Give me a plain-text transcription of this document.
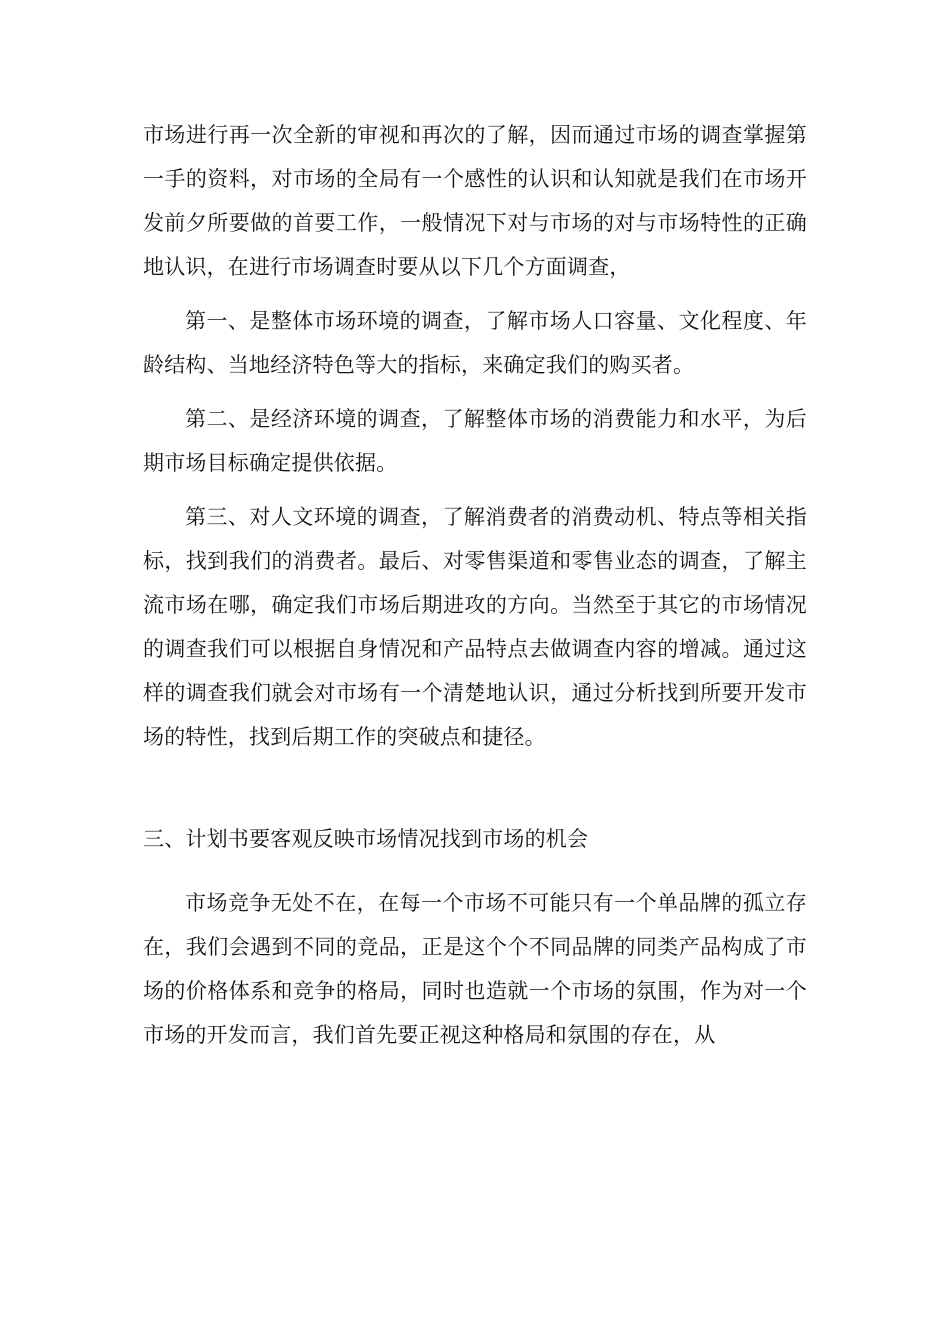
市场进行再一次全新的审视和再次的了解，因而通过市场的调查掌握第一手的资料，对市场的全局有一个感性的认识和认知就是我们在市场开发前夕所要做的首要工作，一般情况下对与市场的对与市场特性的正确地认识，在进行市场调查时要从以下几个方面调查，

第一、是整体市场环境的调查，了解市场人口容量、文化程度、年龄结构、当地经济特色等大的指标，来确定我们的购买者。

第二、是经济环境的调查，了解整体市场的消费能力和水平，为后期市场目标确定提供依据。

第三、对人文环境的调查，了解消费者的消费动机、特点等相关指标，找到我们的消费者。最后、对零售渠道和零售业态的调查，了解主流市场在哪，确定我们市场后期进攻的方向。当然至于其它的市场情况的调查我们可以根据自身情况和产品特点去做调查内容的增减。通过这样的调查我们就会对市场有一个清楚地认识，通过分析找到所要开发市场的特性，找到后期工作的突破点和捷径。

三、计划书要客观反映市场情况找到市场的机会

市场竞争无处不在，在每一个市场不可能只有一个单品牌的孤立存在，我们会遇到不同的竞品，正是这个个不同品牌的同类产品构成了市场的价格体系和竞争的格局，同时也造就一个市场的氛围，作为对一个市场的开发而言，我们首先要正视这种格局和氛围的存在，从
